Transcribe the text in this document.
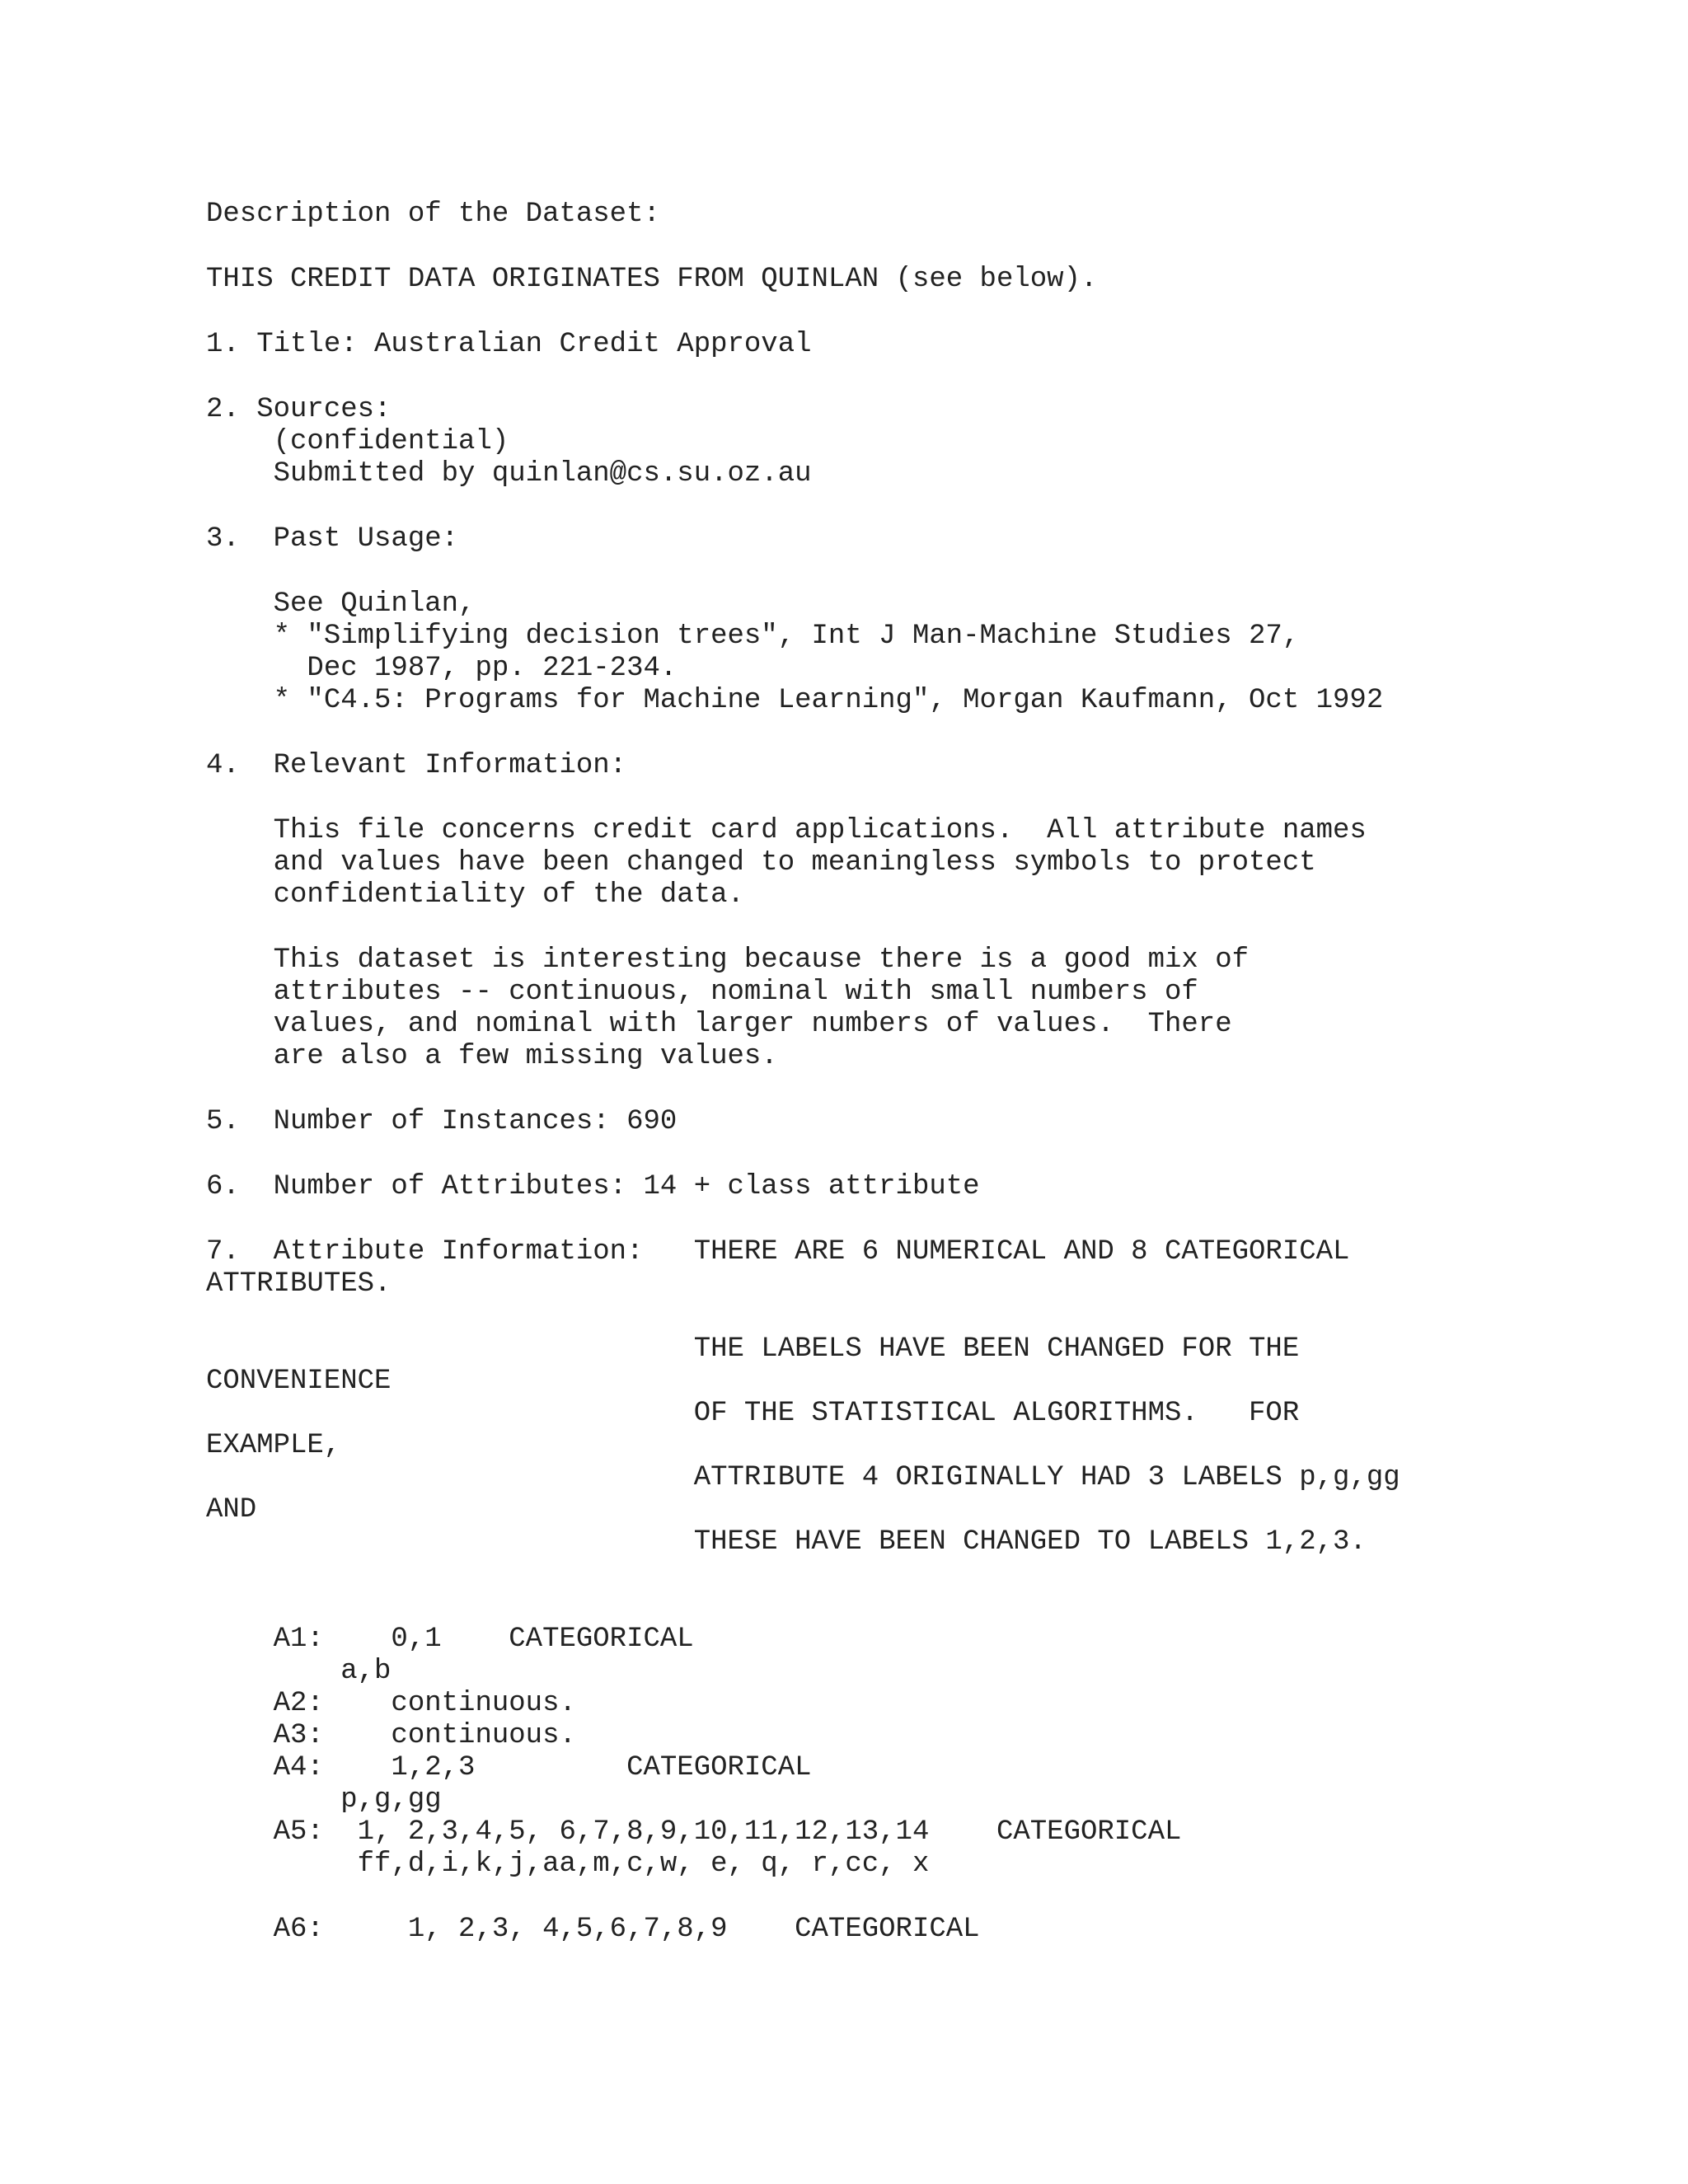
Description of the Dataset:

THIS CREDIT DATA ORIGINATES FROM QUINLAN (see below).

1. Title: Australian Credit Approval

2. Sources:

(confidential)

Submitted by quinlan@cs.su.oz.au

3.  Past Usage:

See Quinlan,

* "Simplifying decision trees", Int J Man-Machine Studies 27,

Dec 1987, pp. 221-234.

* "C4.5: Programs for Machine Learning", Morgan Kaufmann, Oct 1992

4.  Relevant Information:

This file concerns credit card applications.  All attribute names

and values have been changed to meaningless symbols to protect

confidentiality of the data.

This dataset is interesting because there is a good mix of

attributes -- continuous, nominal with small numbers of

values, and nominal with larger numbers of values.  There

are also a few missing values.

5.  Number of Instances: 690

6.  Number of Attributes: 14 + class attribute

7.  Attribute Information:   THERE ARE 6 NUMERICAL AND 8 CATEGORICAL

ATTRIBUTES.

THE LABELS HAVE BEEN CHANGED FOR THE

CONVENIENCE

OF THE STATISTICAL ALGORITHMS.   FOR

EXAMPLE,

ATTRIBUTE 4 ORIGINALLY HAD 3 LABELS p,g,gg

AND

THESE HAVE BEEN CHANGED TO LABELS 1,2,3.

A1:    0,1    CATEGORICAL

a,b

A2:    continuous.

A3:    continuous.

A4:    1,2,3         CATEGORICAL

p,g,gg

A5:  1, 2,3,4,5, 6,7,8,9,10,11,12,13,14    CATEGORICAL

ff,d,i,k,j,aa,m,c,w, e, q, r,cc, x

A6:     1, 2,3, 4,5,6,7,8,9    CATEGORICAL
